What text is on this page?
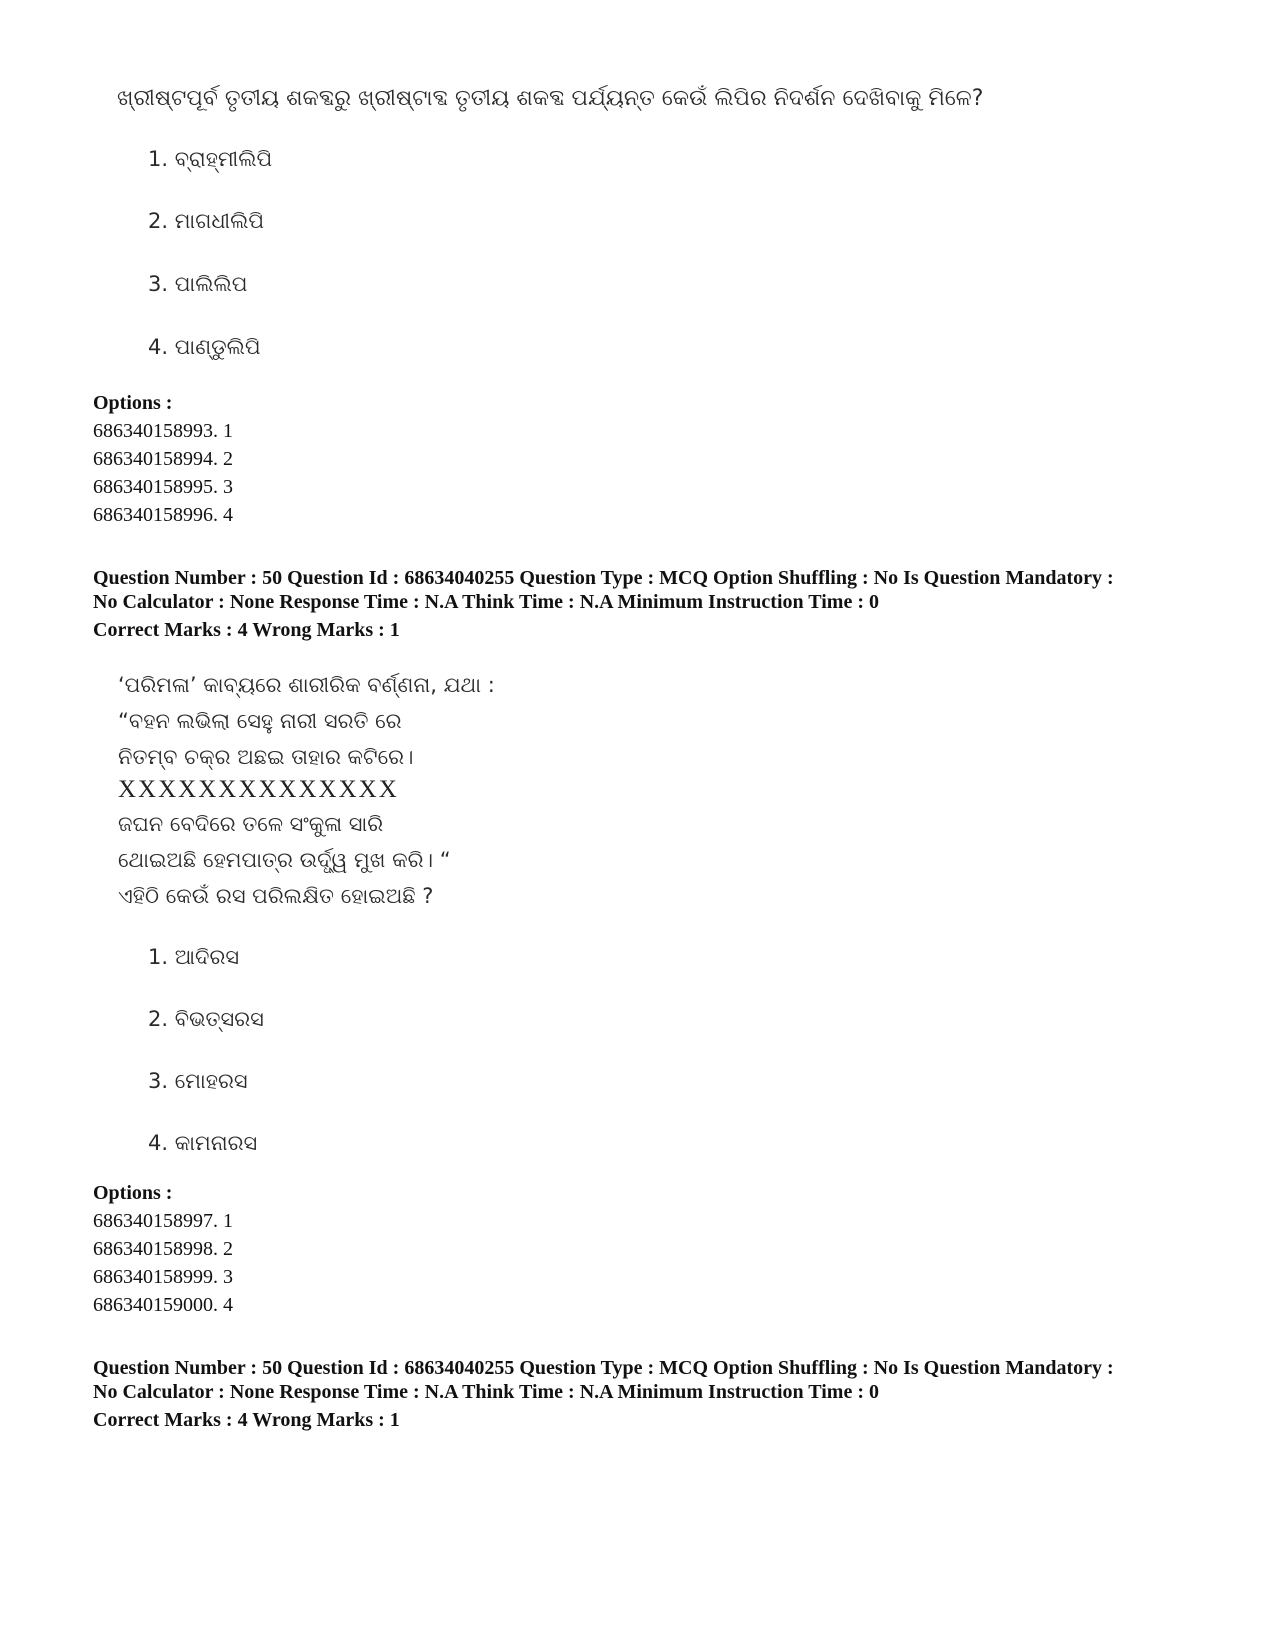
ଖ୍ରୀଷ୍ଟପୂର୍ବ ତୃତୀୟ ଶକବ୍ଦରୁ ଖ୍ରୀଷ୍ଟାବ୍ଦ ତୃତୀୟ ଶକବ୍ଦ ପର୍ଯ୍ୟନ୍ତ କେଉଁ ଲିପିର ନିଦର୍ଶନ ଦେଖିବାକୁ ମିଳେ?
1. ବ୍ରାହ୍ମୀଲିପି
2. ମାଗଧୀଲିପି
3. ପାଲିଲିପ
4. ପାଣ୍ଡୁଲିପି
Options :
686340158993. 1
686340158994. 2
686340158995. 3
686340158996. 4
Question Number : 50 Question Id : 68634040255 Question Type : MCQ Option Shuffling : No Is Question Mandatory :
No Calculator : None Response Time : N.A Think Time : N.A Minimum Instruction Time : 0
Correct Marks : 4 Wrong Marks : 1
‘ପରିମଳା’ କାବ୍ୟରେ ଶାରୀରିକ ବର୍ଣ୍ଣନା, ଯଥା :
“ବହନ ଲଭିଲା ସେହୁ ନାରୀ ସରତି ରେ
ନିତମ୍ବ ଚକ୍ର ଅଛଇ ତାହାର କଟିରେ।
XXXXXXXXXXXXXX
ଜଘନ ବେଦିରେ ତଳେ ସଂକୁଳା ସାରି
ଥୋଇଅଛି ହେମପାତ୍ର ଉର୍ଦ୍ଧ୍ୱ ମୁଖ କରି। “
ଏହିଠି କେଉଁ ରସ ପରିଲକ୍ଷିତ ହୋଇଅଛି ?
1. ଆଦିରସ
2. ବିଭତ୍ସରସ
3. ମୋହରସ
4. କାମନାରସ
Options :
686340158997. 1
686340158998. 2
686340158999. 3
686340159000. 4
Question Number : 50 Question Id : 68634040255 Question Type : MCQ Option Shuffling : No Is Question Mandatory :
No Calculator : None Response Time : N.A Think Time : N.A Minimum Instruction Time : 0
Correct Marks : 4 Wrong Marks : 1
